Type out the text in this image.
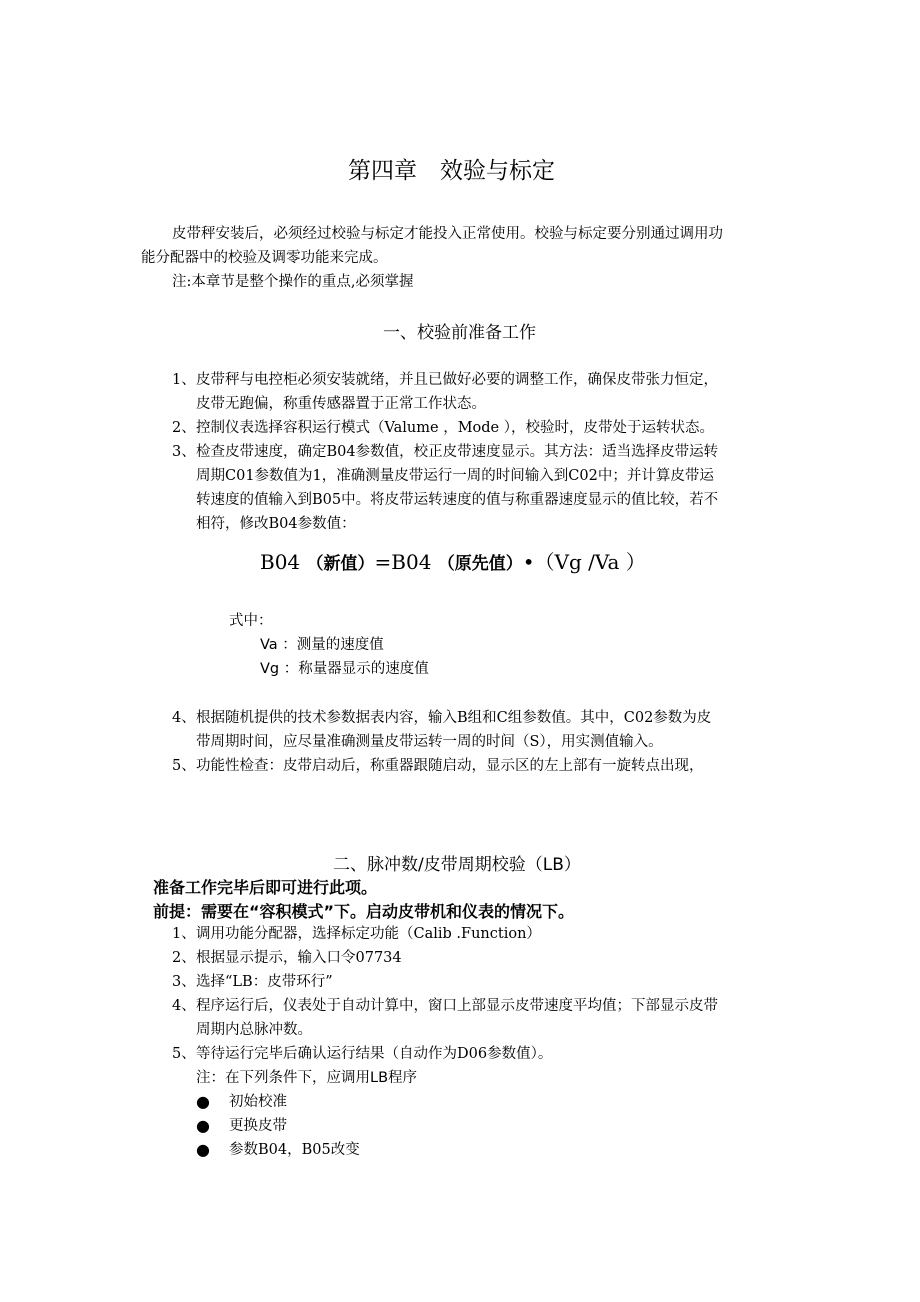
第四章　效验与标定
皮带秤安装后，必须经过校验与标定才能投入正常使用。校验与标定要分别通过调用功
能分配器中的校验及调零功能来完成。
注:本章节是整个操作的重点,必须掌握
一、校验前准备工作
1、 皮带秤与电控柜必须安装就绪，并且已做好必要的调整工作，确保皮带张力恒定，
皮带无跑偏，称重传感器置于正常工作状态。
2、 控制仪表选择容积运行模式（Valume ，Mode ），校验时，皮带处于运转状态。
3、 检查皮带速度，确定B04参数值，校正皮带速度显示。其方法：适当选择皮带运转
周期C01参数值为1，准确测量皮带运行一周的时间输入到C02中；并计算皮带运
转速度的值输入到B05中。将皮带运转速度的值与称重器速度显示的值比较，若不
相符，修改B04参数值：
B04 （新值）=B04 （原先值）•（Vg /Va ）
式中：
Va ：测量的速度值
Vg ：称量器显示的速度值
4、 根据随机提供的技术参数据表内容，输入B组和C组参数值。其中，C02参数为皮
带周期时间，应尽量准确测量皮带运转一周的时间（S），用实测值输入。
5、 功能性检查：皮带启动后，称重器跟随启动，显示区的左上部有一旋转点出现，
二、脉冲数/皮带周期校验（LB）
准备工作完毕后即可进行此项。
前提：需要在“容积模式”下。启动皮带机和仪表的情况下。
1、 调用功能分配器，选择标定功能（Calib .Function）
2、 根据显示提示，输入口令07734
3、 选择“LB：皮带环行”
4、 程序运行后，仪表处于自动计算中，窗口上部显示皮带速度平均值；下部显示皮带
周期内总脉冲数。
5、 等待运行完毕后确认运行结果（自动作为D06参数值）。
注：在下列条件下，应调用LB程序
● 初始校准
● 更换皮带
● 参数B04，B05改变
